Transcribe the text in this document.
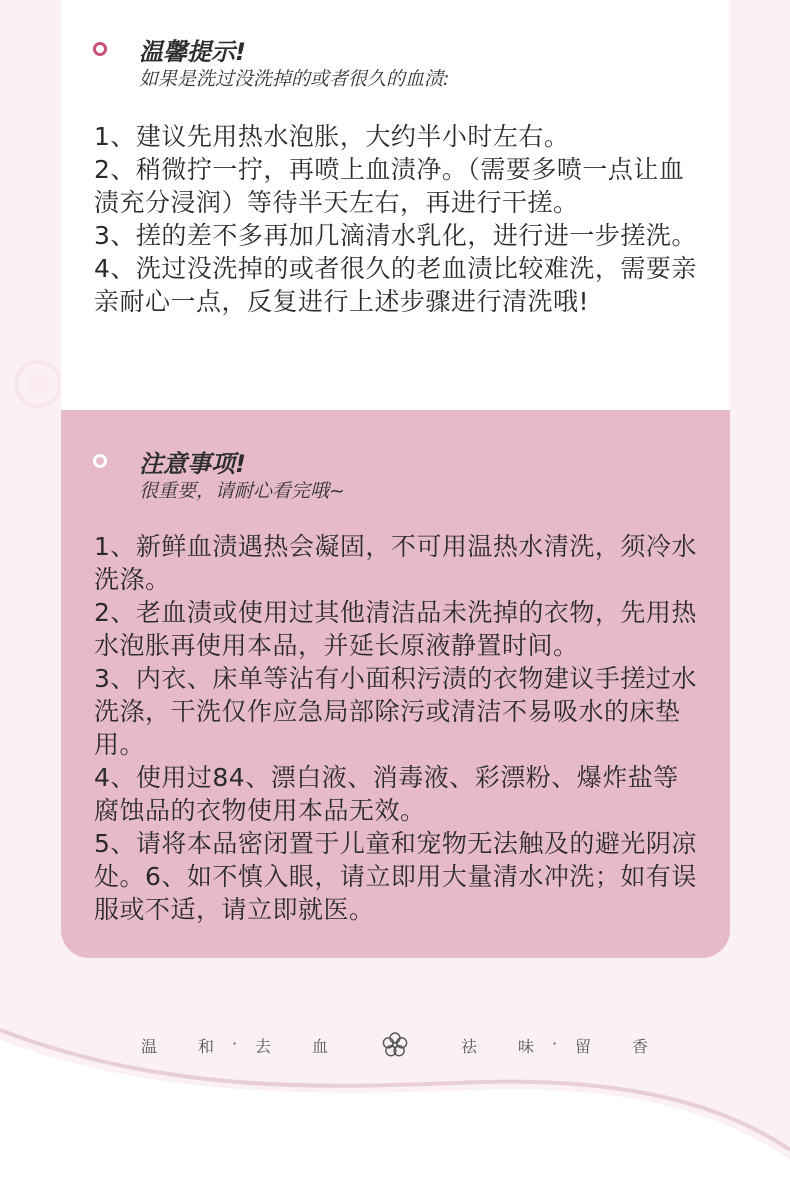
温馨提示!
如果是洗过没洗掉的或者很久的血渍:

1、建议先用热水泡胀，大约半小时左右。

2、稍微拧一拧，再喷上血渍净。（需要多喷一点让血渍充分浸润）等待半天左右，再进行干搓。

3、搓的差不多再加几滴清水乳化，进行进一步搓洗。

4、洗过没洗掉的或者很久的老血渍比较难洗，需要亲亲耐心一点，反复进行上述步骤进行清洗哦!

注意事项!
很重要，请耐心看完哦~

1、新鲜血渍遇热会凝固，不可用温热水清洗，须冷水洗涤。

2、老血渍或使用过其他清洁品未洗掉的衣物，先用热水泡胀再使用本品，并延长原液静置时间。

3、内衣、床单等沾有小面积污渍的衣物建议手搓过水洗涤，干洗仅作应急局部除污或清洁不易吸水的床垫用。

4、使用过84、漂白液、消毒液、彩漂粉、爆炸盐等腐蚀品的衣物使用本品无效。

5、请将本品密闭置于儿童和宠物无法触及的避光阴凉处。6、如不慎入眼，请立即用大量清水冲洗；如有误服或不适，请立即就医。

温	和 · 去	血	祛	味 · 留	香
